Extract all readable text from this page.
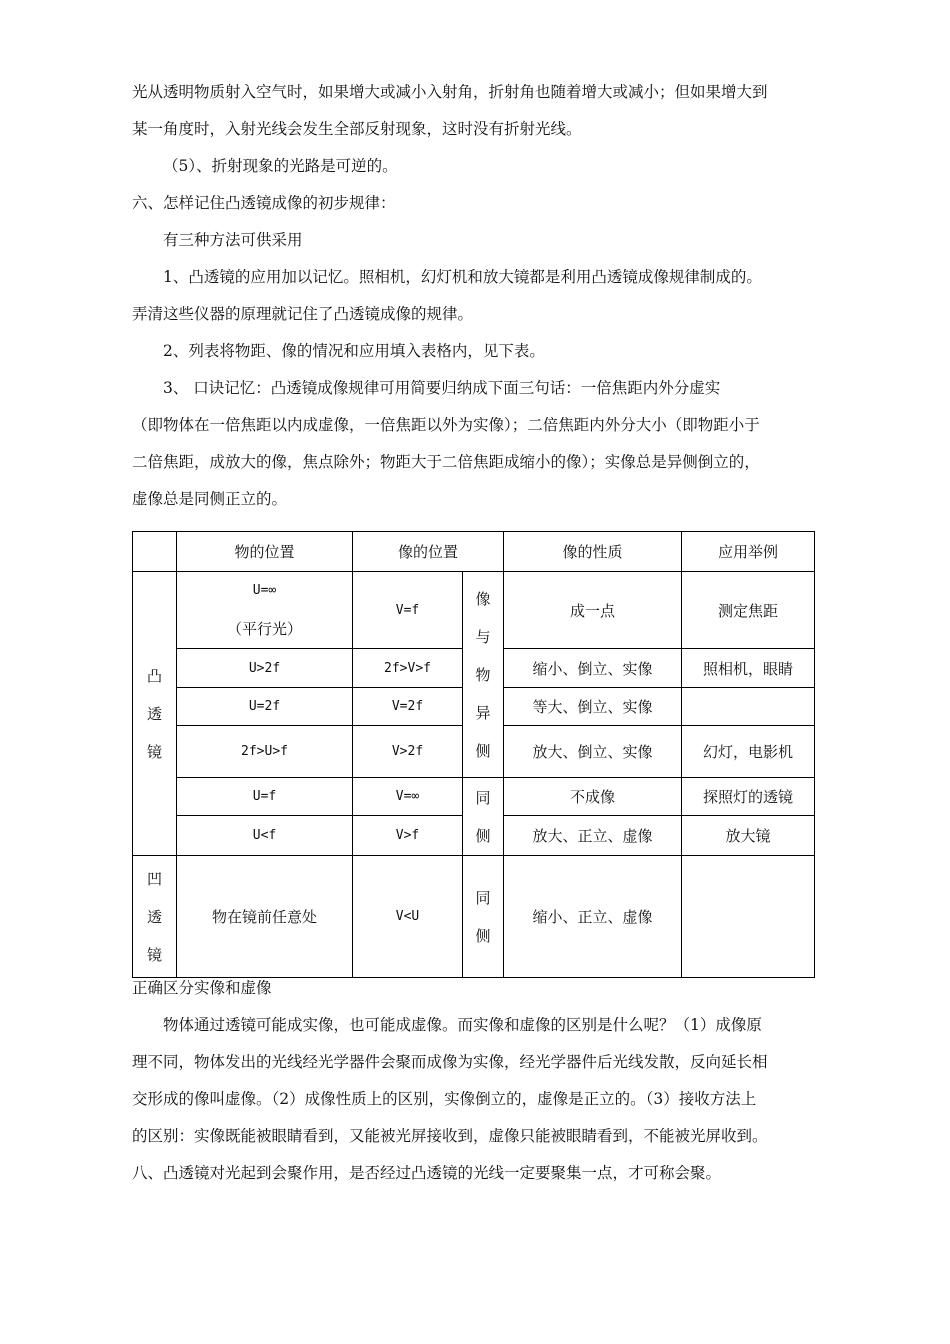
光从透明物质射入空气时，如果增大或减小入射角，折射角也随着增大或减小；但如果增大到
某一角度时，入射光线会发生全部反射现象，这时没有折射光线。
（5）、折射现象的光路是可逆的。
六、怎样记住凸透镜成像的初步规律：
有三种方法可供采用
1、凸透镜的应用加以记忆。照相机，幻灯机和放大镜都是利用凸透镜成像规律制成的。
弄清这些仪器的原理就记住了凸透镜成像的规律。
2、列表将物距、像的情况和应用填入表格内，见下表。
3、 口诀记忆：凸透镜成像规律可用简要归纳成下面三句话：一倍焦距内外分虚实
（即物体在一倍焦距以内成虚像，一倍焦距以外为实像）；二倍焦距内外分大小（即物距小于
二倍焦距，成放大的像，焦点除外；物距大于二倍焦距成缩小的像）；实像总是异侧倒立的，
虚像总是同侧正立的。
	物的位置	像的位置		像的性质	应用举例

凸
透
镜	U=∞
（平行光）	V=f	像
与
物
异
侧	成一点	测定焦距
	U>2f	2f>V>f		缩小、倒立、实像	照相机，眼睛
	U=2f	V=2f		等大、倒立、实像	
	2f>U>f	V>2f		放大、倒立、实像	幻灯，电影机
	U=f	V=∞	同
侧	不成像	探照灯的透镜
	U<f	V>f		放大、正立、虚像	放大镜

凹
透
镜	物在镜前任意处	V<U	同
侧	缩小、正立、虚像	
正确区分实像和虚像
物体通过透镜可能成实像，也可能成虚像。而实像和虚像的区别是什么呢？（1）成像原
理不同，物体发出的光线经光学器件会聚而成像为实像，经光学器件后光线发散，反向延长相
交形成的像叫虚像。（2）成像性质上的区别，实像倒立的，虚像是正立的。（3）接收方法上
的区别：实像既能被眼睛看到，又能被光屏接收到，虚像只能被眼睛看到，不能被光屏收到。
八、凸透镜对光起到会聚作用，是否经过凸透镜的光线一定要聚集一点，才可称会聚。
